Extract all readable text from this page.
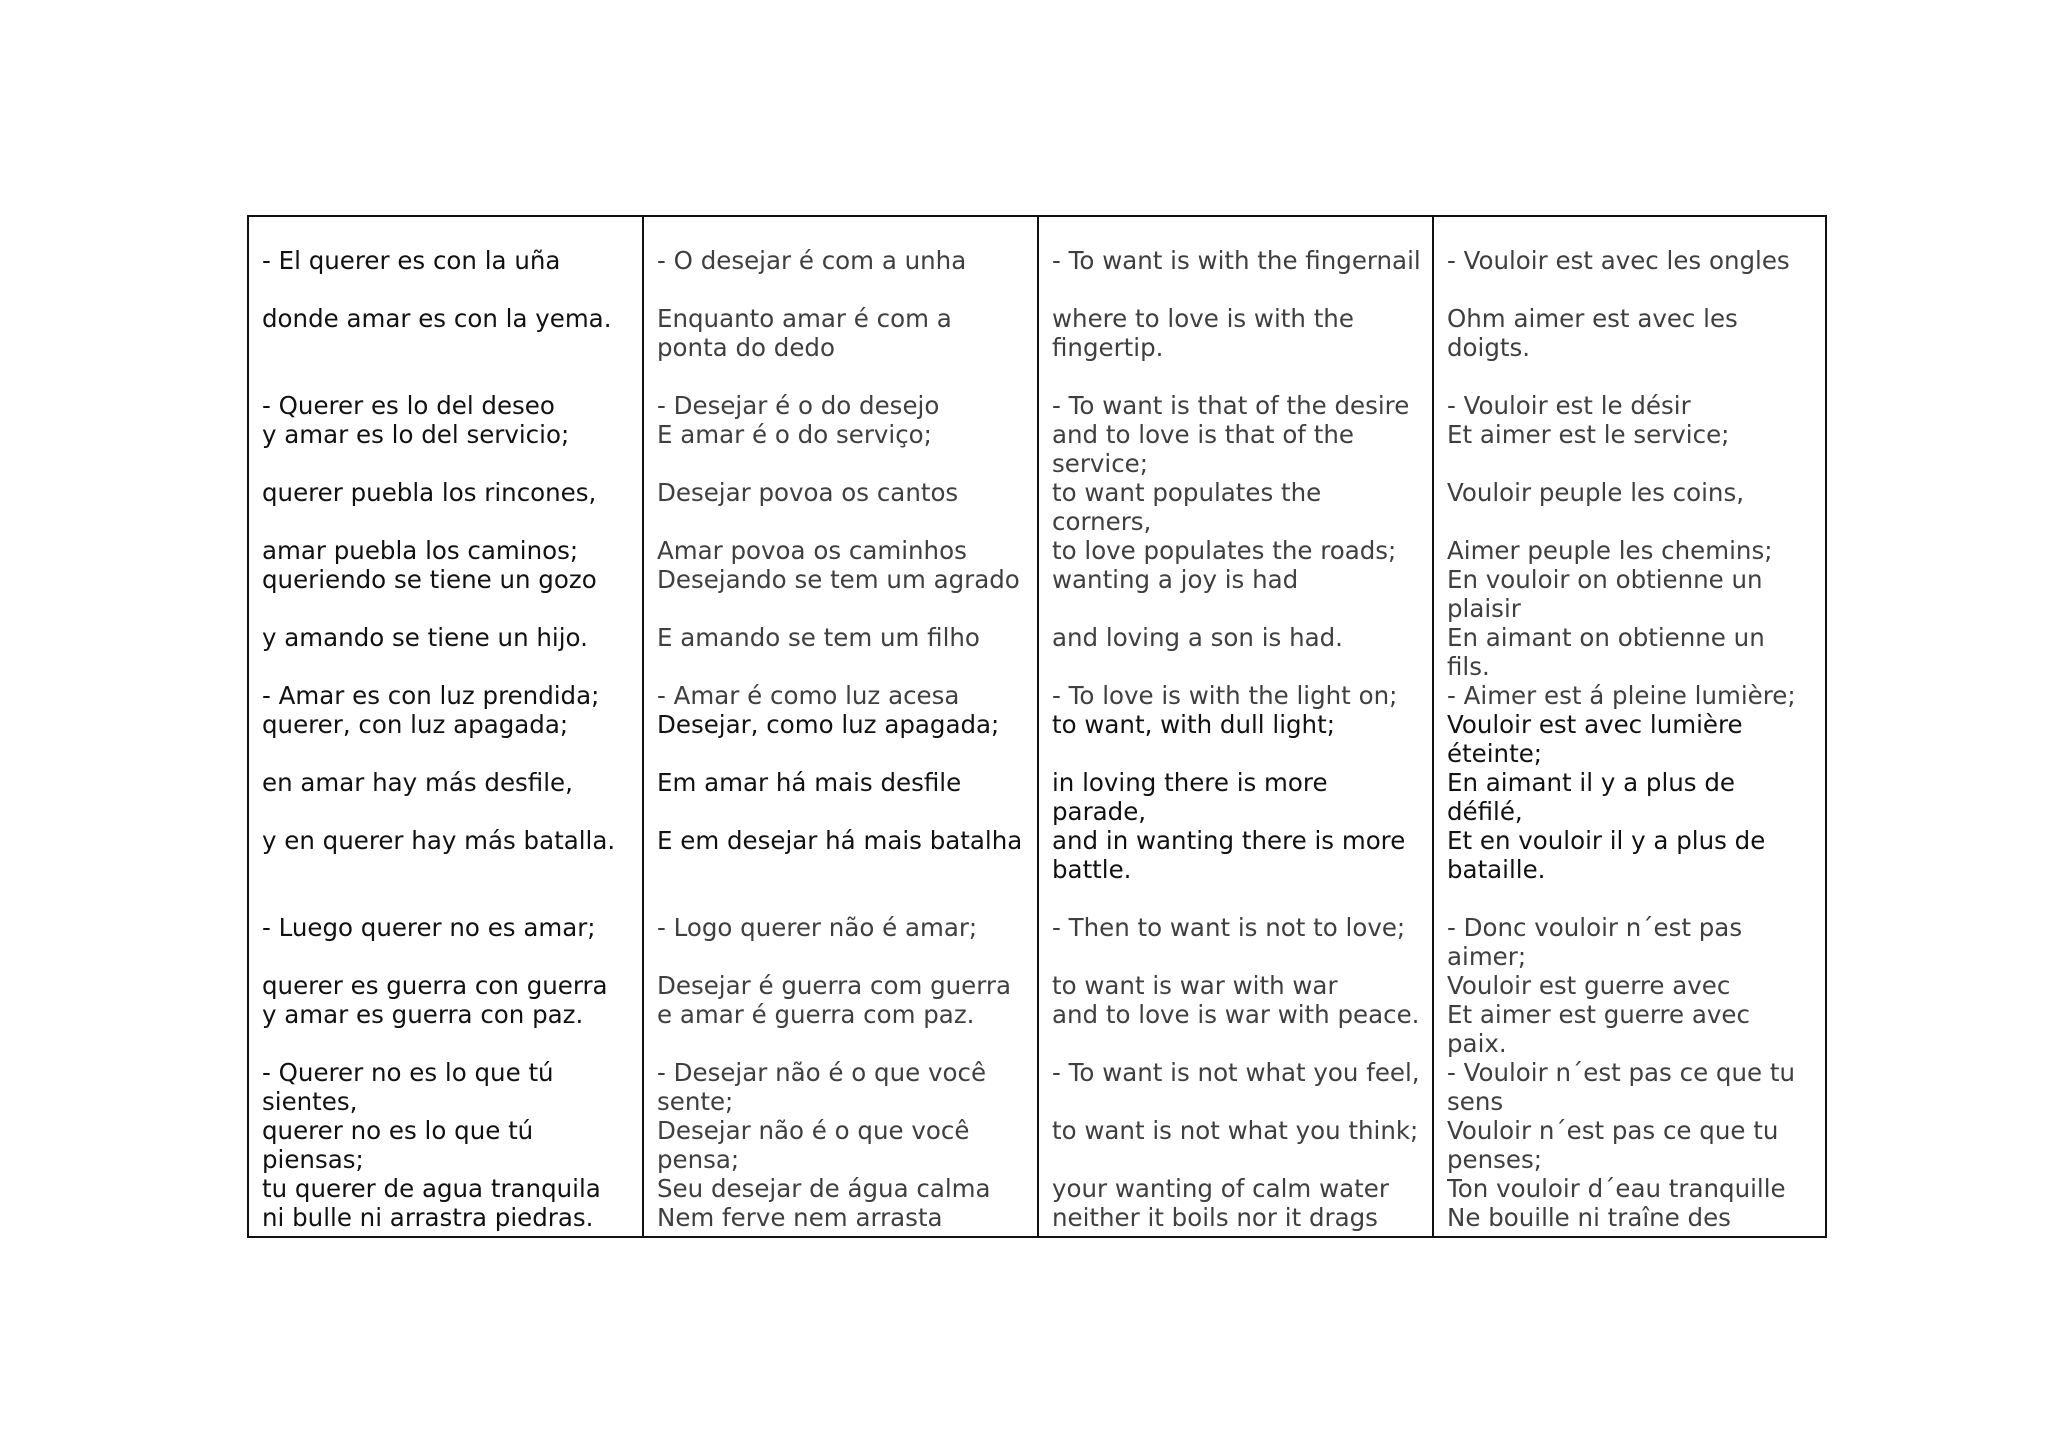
- El querer es con la uña
donde amar es con la yema.
- Querer es lo del deseo
y amar es lo del servicio;
querer puebla los rincones,
amar puebla los caminos;
queriendo se tiene un gozo
y amando se tiene un hijo.
- Amar es con luz prendida;
querer, con luz apagada;
en amar hay más desfile,
y en querer hay más batalla.
- Luego querer no es amar;
querer es guerra con guerra
y amar es guerra con paz.
- Querer no es lo que tú sientes,
querer no es lo que tú piensas;
tu querer de agua tranquila
ni bulle ni arrastra piedras.
- O desejar é com a unha
Enquanto amar é com a ponta do dedo
- Desejar é o do desejo
E amar é o do serviço;
Desejar povoa os cantos
Amar povoa os caminhos
Desejando se tem um agrado
E amando se tem um filho
- Amar é como luz acesa
Desejar, como luz apagada;
Em amar há mais desfile
E em desejar há mais batalha
- Logo querer não é amar;
Desejar é guerra com guerra
e amar é guerra com paz.
- Desejar não é o que você sente;
Desejar não é o que você pensa;
Seu desejar de água calma
Nem ferve nem arrasta
- To want is with the fingernail
where to love is with the fingertip.
- To want is that of the desire
and to love is that of the service;
to want populates the corners,
to love populates the roads;
wanting a joy is had
and loving a son is had.
- To love is with the light on;
to want, with dull light;
in loving there is more parade,
and in wanting there is more battle.
- Then to want is not to love;
to want is war with war
and to love is war with peace.
- To want is not what you feel,
to want is not what you think;
your wanting of calm water
neither it boils nor it drags
- Vouloir est avec les ongles
Ohm aimer est avec les doigts.
- Vouloir est le désir
Et aimer est le service;
Vouloir peuple les coins,
Aimer peuple les chemins;
En vouloir on obtienne un plaisir
En aimant on obtienne un fils.
- Aimer est á pleine lumière;
Vouloir est avec lumière éteinte;
En aimant il y a plus de défilé,
Et en vouloir il y a plus de bataille.
- Donc vouloir n´est pas aimer;
Vouloir est guerre avec
Et aimer est guerre avec paix.
- Vouloir n´est pas ce que tu sens
Vouloir n´est pas ce que tu penses;
Ton vouloir d´eau tranquille
Ne bouille ni traîne des
